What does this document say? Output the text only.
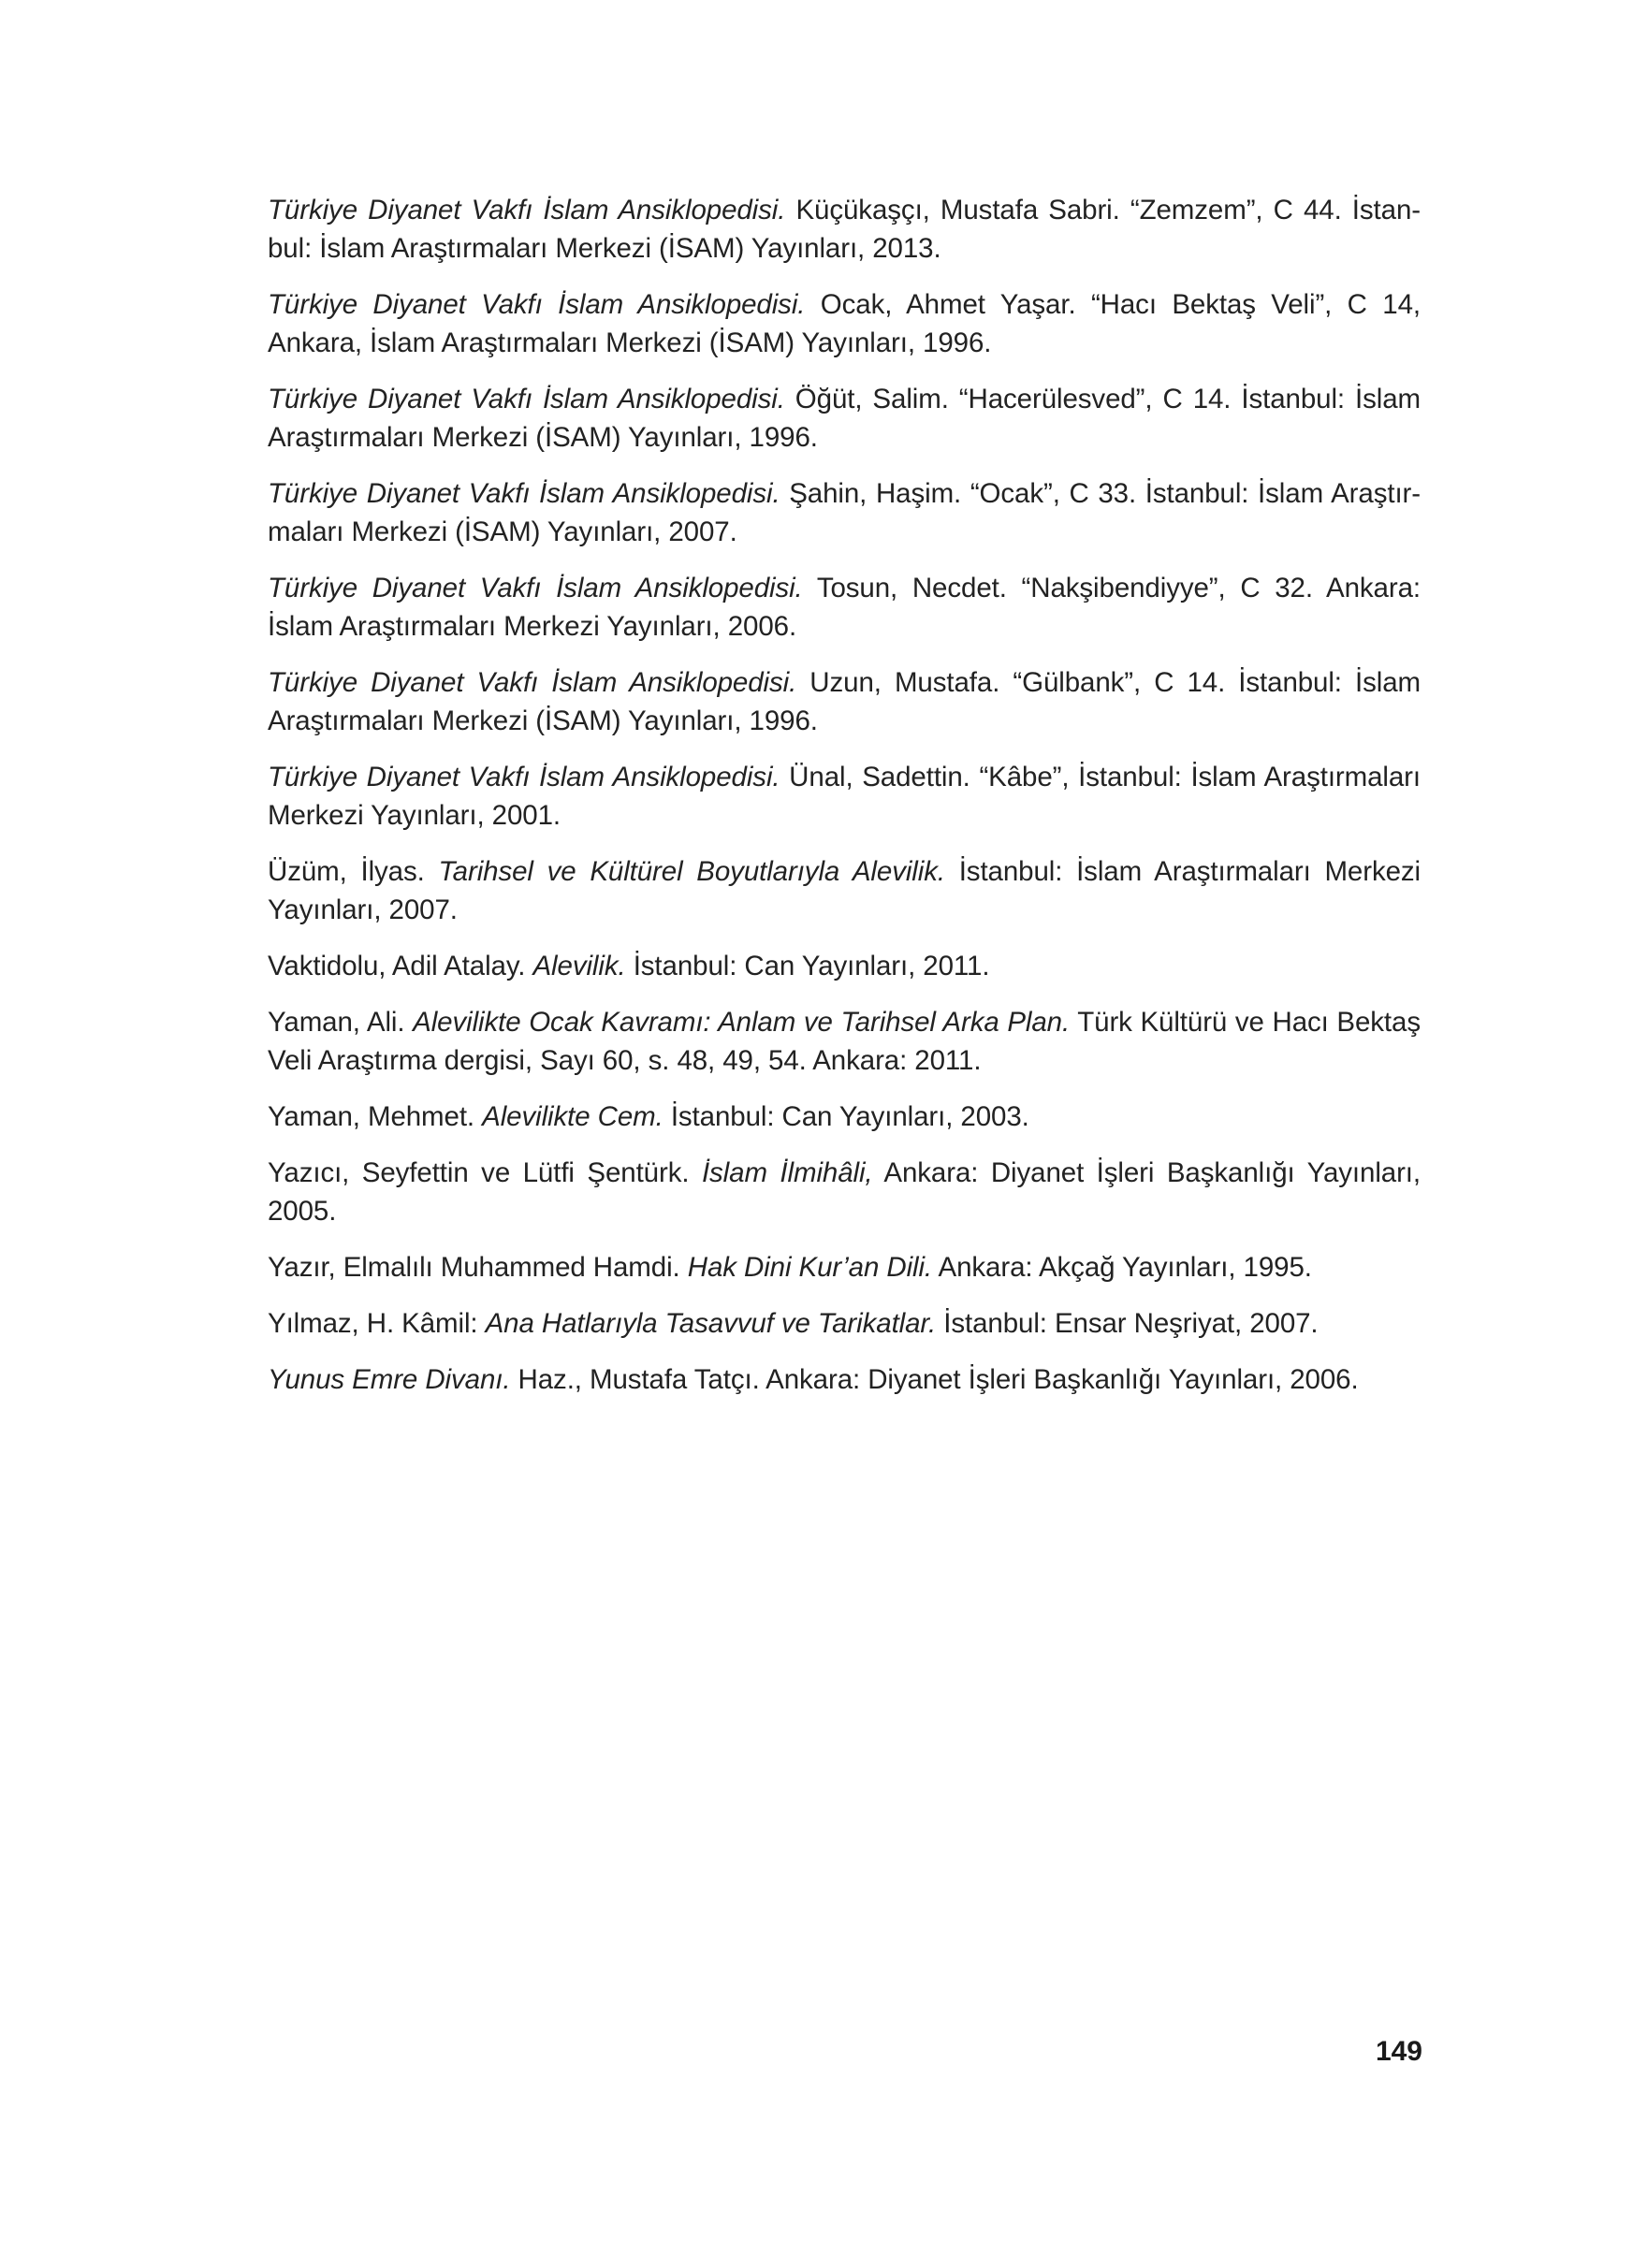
Türkiye Diyanet Vakfı İslam Ansiklopedisi. Küçükaşçı, Mustafa Sabri. “Zemzem”, C 44. İstan-bul: İslam Araştırmaları Merkezi (İSAM) Yayınları, 2013.
Türkiye Diyanet Vakfı İslam Ansiklopedisi. Ocak, Ahmet Yaşar. “Hacı Bektaş Veli”, C 14, Ankara, İslam Araştırmaları Merkezi (İSAM) Yayınları, 1996.
Türkiye Diyanet Vakfı İslam Ansiklopedisi. Öğüt, Salim. “Hacerülesved”, C 14. İstanbul: İslam Araştırmaları Merkezi (İSAM) Yayınları, 1996.
Türkiye Diyanet Vakfı İslam Ansiklopedisi. Şahin, Haşim. “Ocak”, C 33. İstanbul: İslam Araştır-maları Merkezi (İSAM) Yayınları, 2007.
Türkiye Diyanet Vakfı İslam Ansiklopedisi. Tosun, Necdet. “Nakşibendiyye”, C 32. Ankara: İslam Araştırmaları Merkezi Yayınları, 2006.
Türkiye Diyanet Vakfı İslam Ansiklopedisi. Uzun, Mustafa. “Gülbank”, C 14. İstanbul: İslam Araştırmaları Merkezi (İSAM) Yayınları, 1996.
Türkiye Diyanet Vakfı İslam Ansiklopedisi. Ünal, Sadettin. “Kâbe”, İstanbul: İslam Araştırmaları Merkezi Yayınları, 2001.
Üzüm, İlyas. Tarihsel ve Kültürel Boyutlarıyla Alevilik. İstanbul: İslam Araştırmaları Merkezi Yayınları, 2007.
Vaktidolu, Adil Atalay. Alevilik. İstanbul: Can Yayınları, 2011.
Yaman, Ali. Alevilikte Ocak Kavramı: Anlam ve Tarihsel Arka Plan. Türk Kültürü ve Hacı Bektaş Veli Araştırma dergisi, Sayı 60, s. 48, 49, 54. Ankara: 2011.
Yaman, Mehmet. Alevilikte Cem. İstanbul: Can Yayınları, 2003.
Yazıcı, Seyfettin ve Lütfi Şentürk. İslam İlmihâli, Ankara: Diyanet İşleri Başkanlığı Yayınları, 2005.
Yazır, Elmalılı Muhammed Hamdi. Hak Dini Kur’an Dili. Ankara: Akçağ Yayınları, 1995.
Yılmaz, H. Kâmil: Ana Hatlarıyla Tasavvuf ve Tarikatlar. İstanbul: Ensar Neşriyat, 2007.
Yunus Emre Divanı. Haz., Mustafa Tatçı. Ankara: Diyanet İşleri Başkanlığı Yayınları, 2006.
149
